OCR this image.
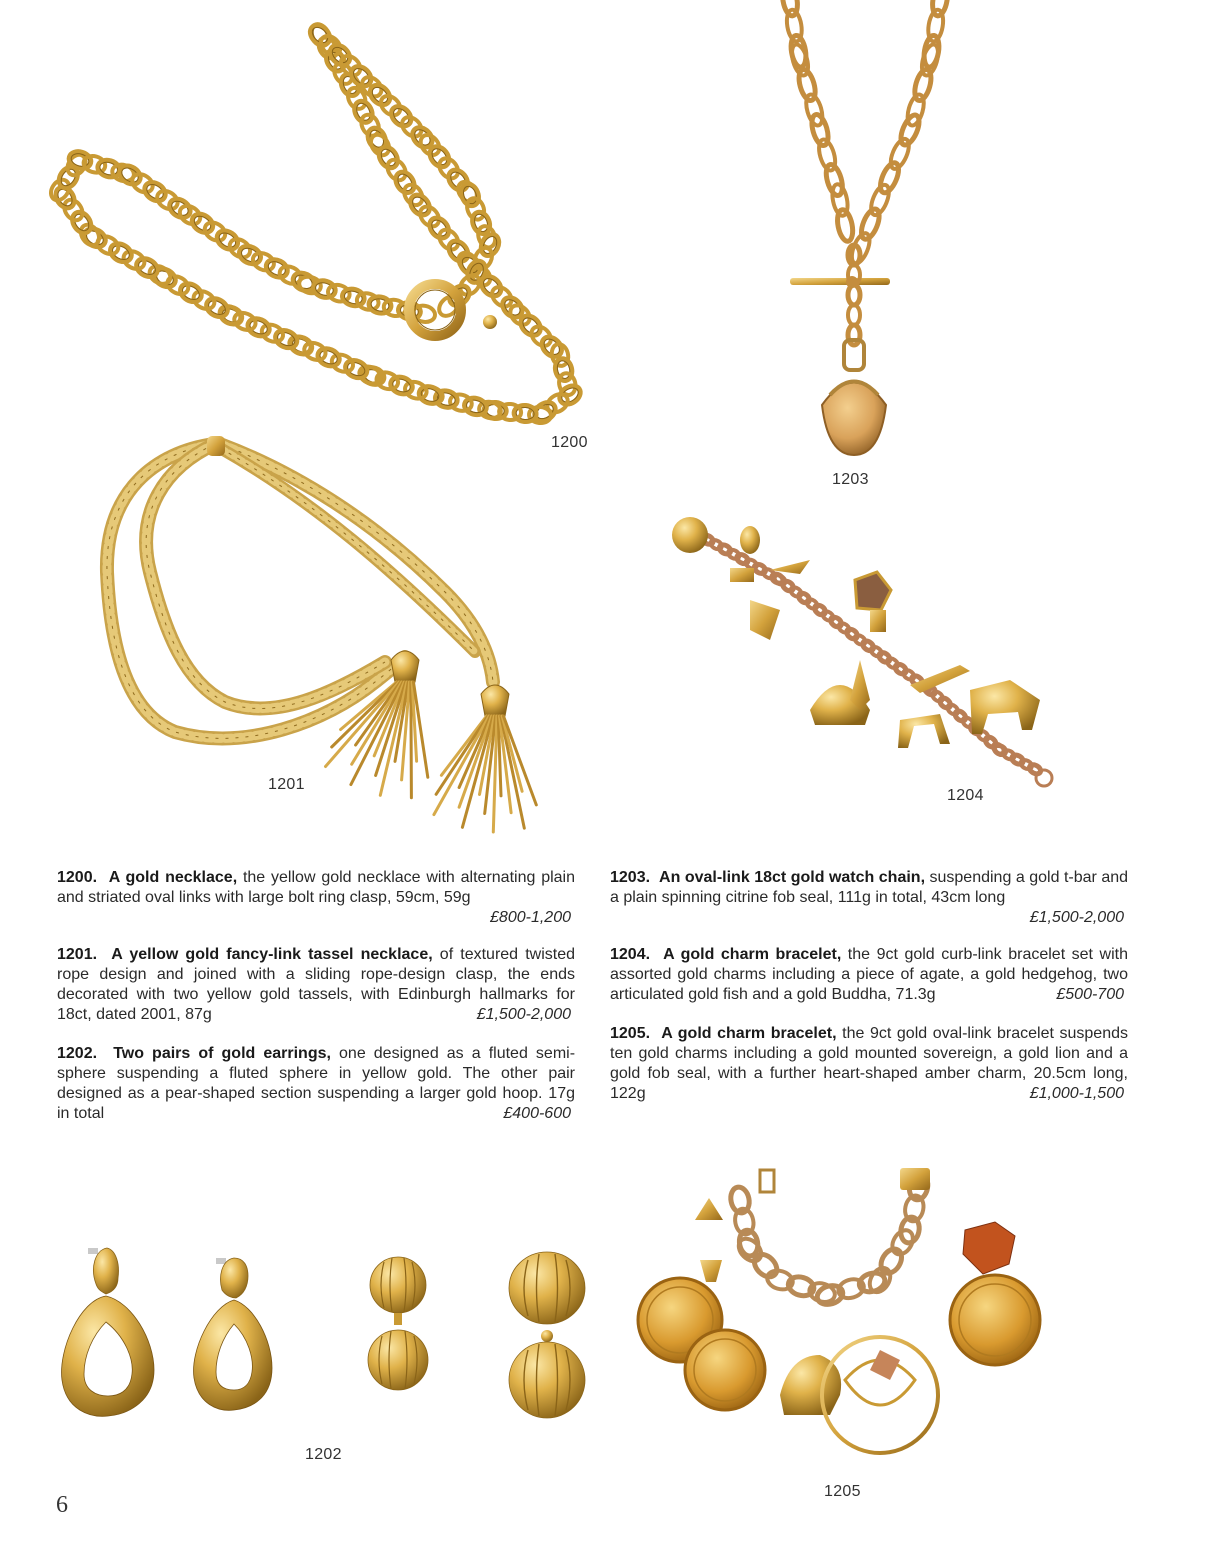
1200
1203
1201
1204
1200. A gold necklace, the yellow gold necklace with alternating plain and striated oval links with large bolt ring clasp, 59cm, 59g
£800-1,200
1201. A yellow gold fancy-link tassel necklace, of textured twisted rope design and joined with a sliding rope-design clasp, the ends decorated with two yellow gold tassels, with Edinburgh hallmarks for 18ct, dated 2001, 87g	£1,500-2,000
1202. Two pairs of gold earrings, one designed as a fluted semi-sphere suspending a fluted sphere in yellow gold. The other pair designed as a pear-shaped section suspending a larger gold hoop. 17g in total	£400-600
1203. An oval-link 18ct gold watch chain, suspending a gold t-bar and a plain spinning citrine fob seal, 111g in total, 43cm long
£1,500-2,000
1204. A gold charm bracelet, the 9ct gold curb-link bracelet set with assorted gold charms including a piece of agate, a gold hedgehog, two articulated gold fish and a gold Buddha, 71.3g	£500-700
1205. A gold charm bracelet, the 9ct gold oval-link bracelet suspends ten gold charms including a gold mounted sovereign, a gold lion and a gold fob seal, with a further heart-shaped amber charm, 20.5cm long, 122g	£1,000-1,500
1202
1205
6
